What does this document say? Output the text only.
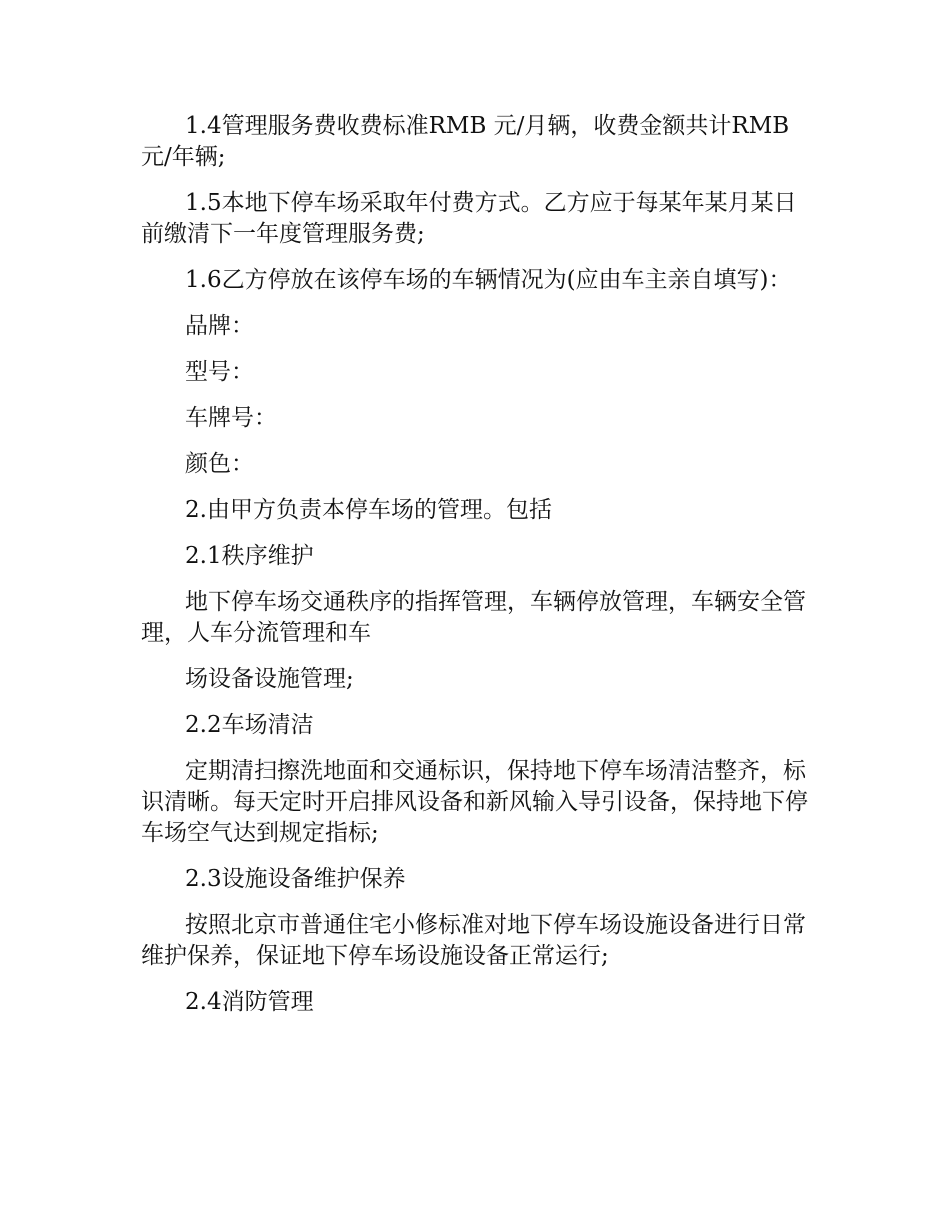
1.4管理服务费收费标准RMB 元/月辆，收费金额共计RMB 元/年辆;

1.5本地下停车场采取年付费方式。乙方应于每某年某月某日前缴清下一年度管理服务费;

1.6乙方停放在该停车场的车辆情况为(应由车主亲自填写)：

品牌：

型号：

车牌号：

颜色：

2.由甲方负责本停车场的管理。包括

2.1秩序维护

地下停车场交通秩序的指挥管理，车辆停放管理，车辆安全管理，人车分流管理和车

场设备设施管理;

2.2车场清洁

定期清扫擦洗地面和交通标识，保持地下停车场清洁整齐，标识清晰。每天定时开启排风设备和新风输入导引设备，保持地下停车场空气达到规定指标;

2.3设施设备维护保养

按照北京市普通住宅小修标准对地下停车场设施设备进行日常维护保养，保证地下停车场设施设备正常运行;

2.4消防管理
